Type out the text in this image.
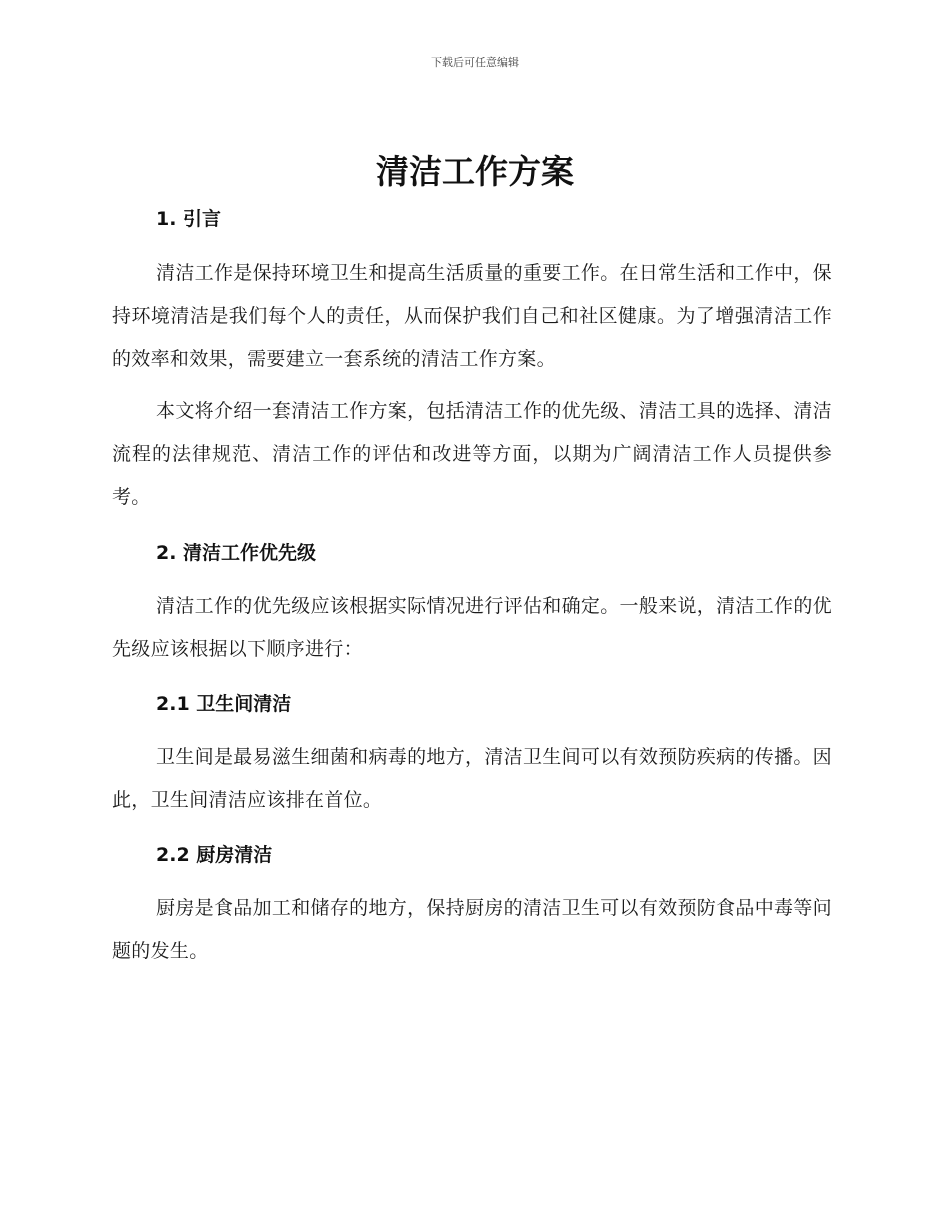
下载后可任意编辑
清洁工作方案
1. 引言

清洁工作是保持环境卫生和提高生活质量的重要工作。在日常生活和工作中，保持环境清洁是我们每个人的责任，从而保护我们自己和社区健康。为了增强清洁工作的效率和效果，需要建立一套系统的清洁工作方案。

本文将介绍一套清洁工作方案，包括清洁工作的优先级、清洁工具的选择、清洁流程的法律规范、清洁工作的评估和改进等方面，以期为广阔清洁工作人员提供参考。

2. 清洁工作优先级

清洁工作的优先级应该根据实际情况进行评估和确定。一般来说，清洁工作的优先级应该根据以下顺序进行：

2.1 卫生间清洁

卫生间是最易滋生细菌和病毒的地方，清洁卫生间可以有效预防疾病的传播。因此，卫生间清洁应该排在首位。

2.2 厨房清洁

厨房是食品加工和储存的地方，保持厨房的清洁卫生可以有效预防食品中毒等问题的发生。
